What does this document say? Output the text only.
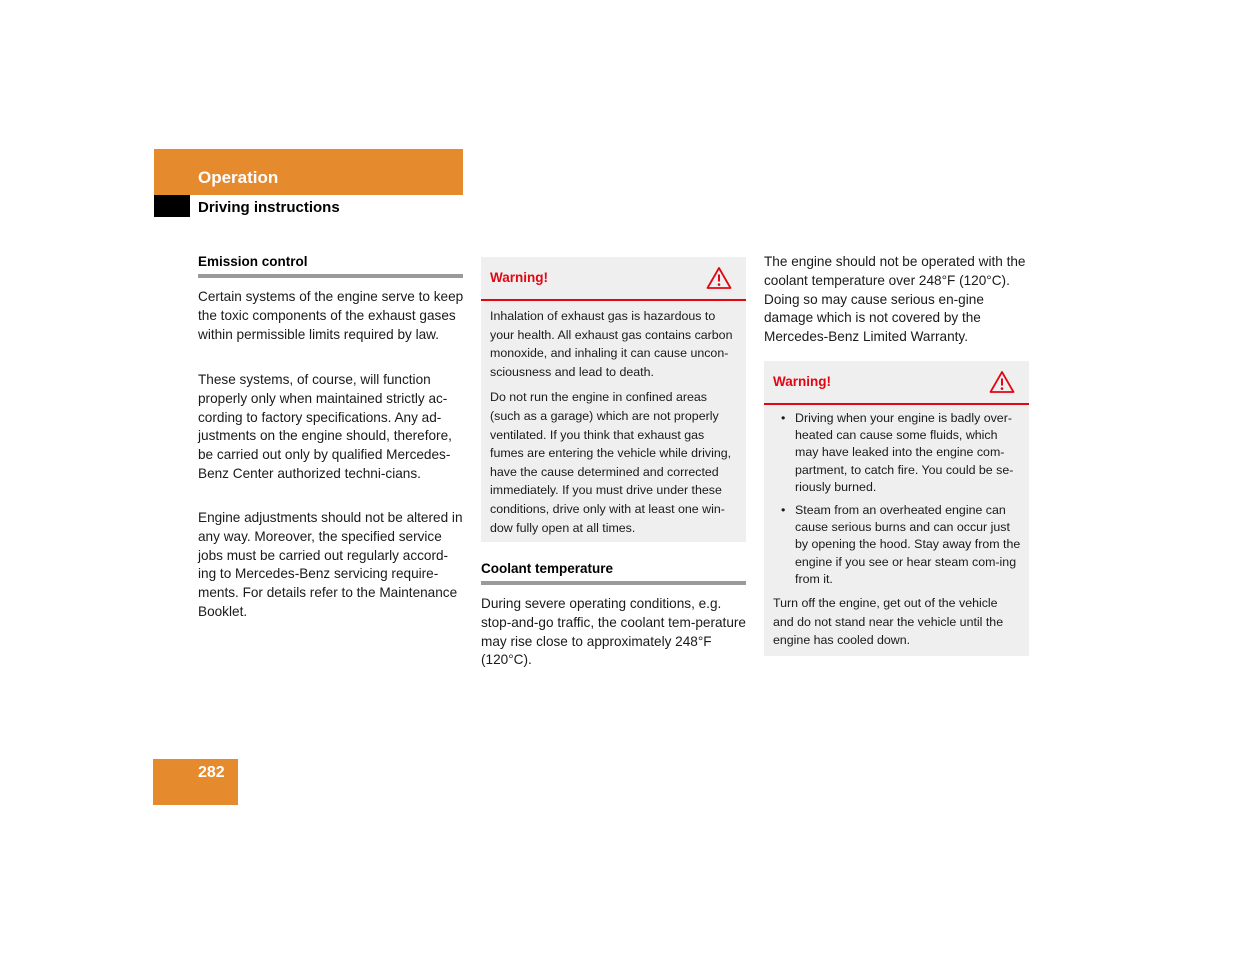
Operation
Driving instructions
Emission control

Certain systems of the engine serve to keep the toxic components of the exhaust gases within permissible limits required by law.

These systems, of course, will function properly only when maintained strictly ac-cording to factory specifications. Any ad-justments on the engine should, therefore, be carried out only by qualified Mercedes-Benz Center authorized techni-cians.

Engine adjustments should not be altered in any way. Moreover, the specified service jobs must be carried out regularly accord-ing to Mercedes-Benz servicing require-ments. For details refer to the Maintenance Booklet.

Warning!

Inhalation of exhaust gas is hazardous to your health. All exhaust gas contains carbon monoxide, and inhaling it can cause uncon-sciousness and lead to death.

Do not run the engine in confined areas (such as a garage) which are not properly ventilated. If you think that exhaust gas fumes are entering the vehicle while driving, have the cause determined and corrected immediately. If you must drive under these conditions, drive only with at least one win-dow fully open at all times.

Coolant temperature

During severe operating conditions, e.g. stop-and-go traffic, the coolant tem-perature may rise close to approximately 248°F (120°C).

The engine should not be operated with the coolant temperature over 248°F (120°C). Doing so may cause serious en-gine damage which is not covered by the Mercedes-Benz Limited Warranty.

Warning!
• Driving when your engine is badly over-heated can cause some fluids, which may have leaked into the engine com-partment, to catch fire. You could be se-riously burned.
• Steam from an overheated engine can cause serious burns and can occur just by opening the hood. Stay away from the engine if you see or hear steam com-ing from it.

Turn off the engine, get out of the vehicle and do not stand near the vehicle until the engine has cooled down.

282
